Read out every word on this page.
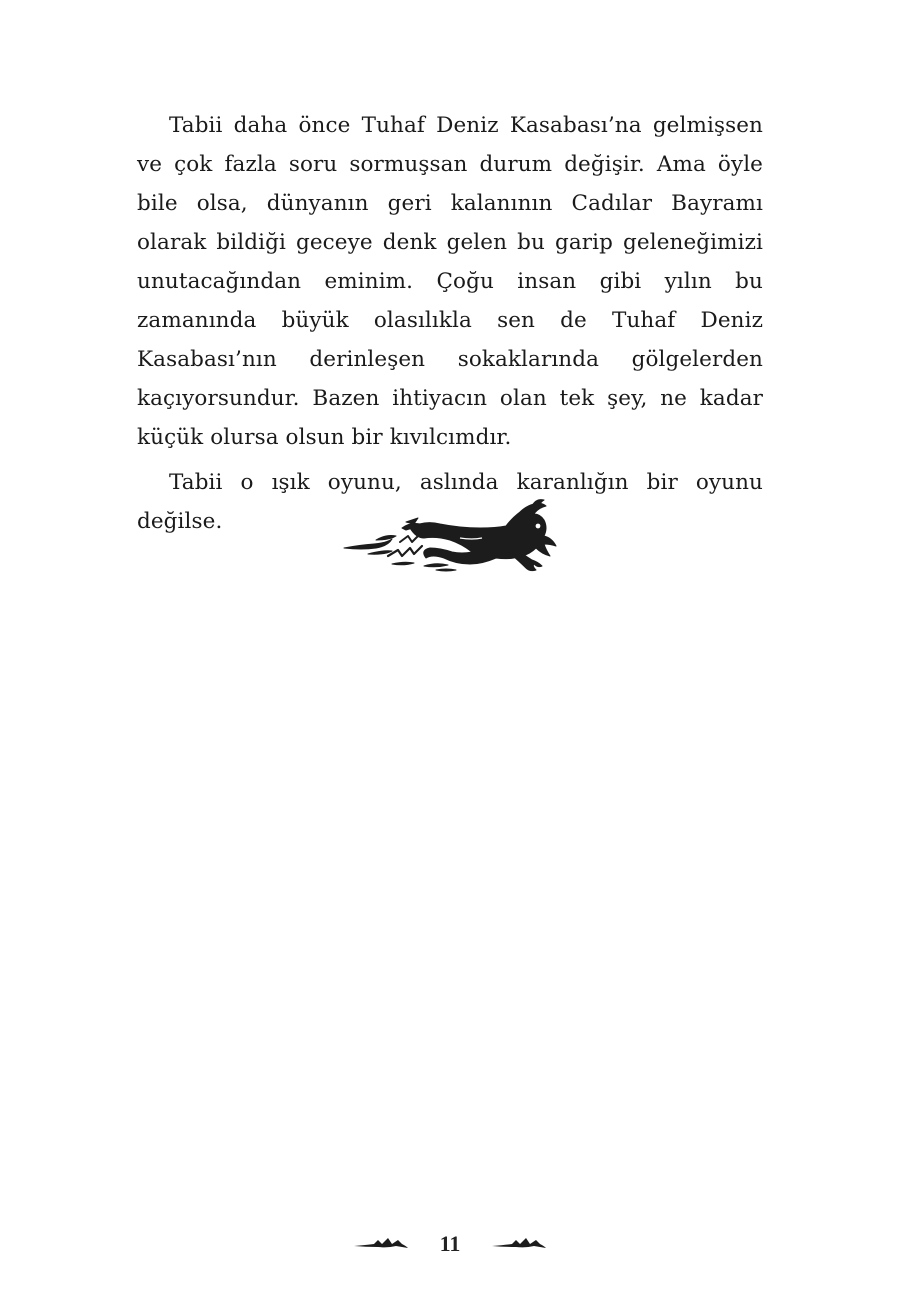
Tabii daha önce Tuhaf Deniz Kasabası’na gelmişsen ve çok fazla soru sormuşsan durum değişir. Ama öyle bile olsa, dünyanın geri kalanının Cadılar Bayramı olarak bildiği geceye denk gelen bu garip geleneğimizi unutacağından eminim. Çoğu insan gibi yılın bu zamanında büyük olasılıkla sen de Tuhaf Deniz Kasabası’nın derinleşen sokaklarında gölgelerden kaçıyorsundur. Bazen ihtiyacın olan tek şey, ne kadar küçük olursa olsun bir kıvılcımdır.

Tabii o ışık oyunu, aslında karanlığın bir oyunu değilse.

11
